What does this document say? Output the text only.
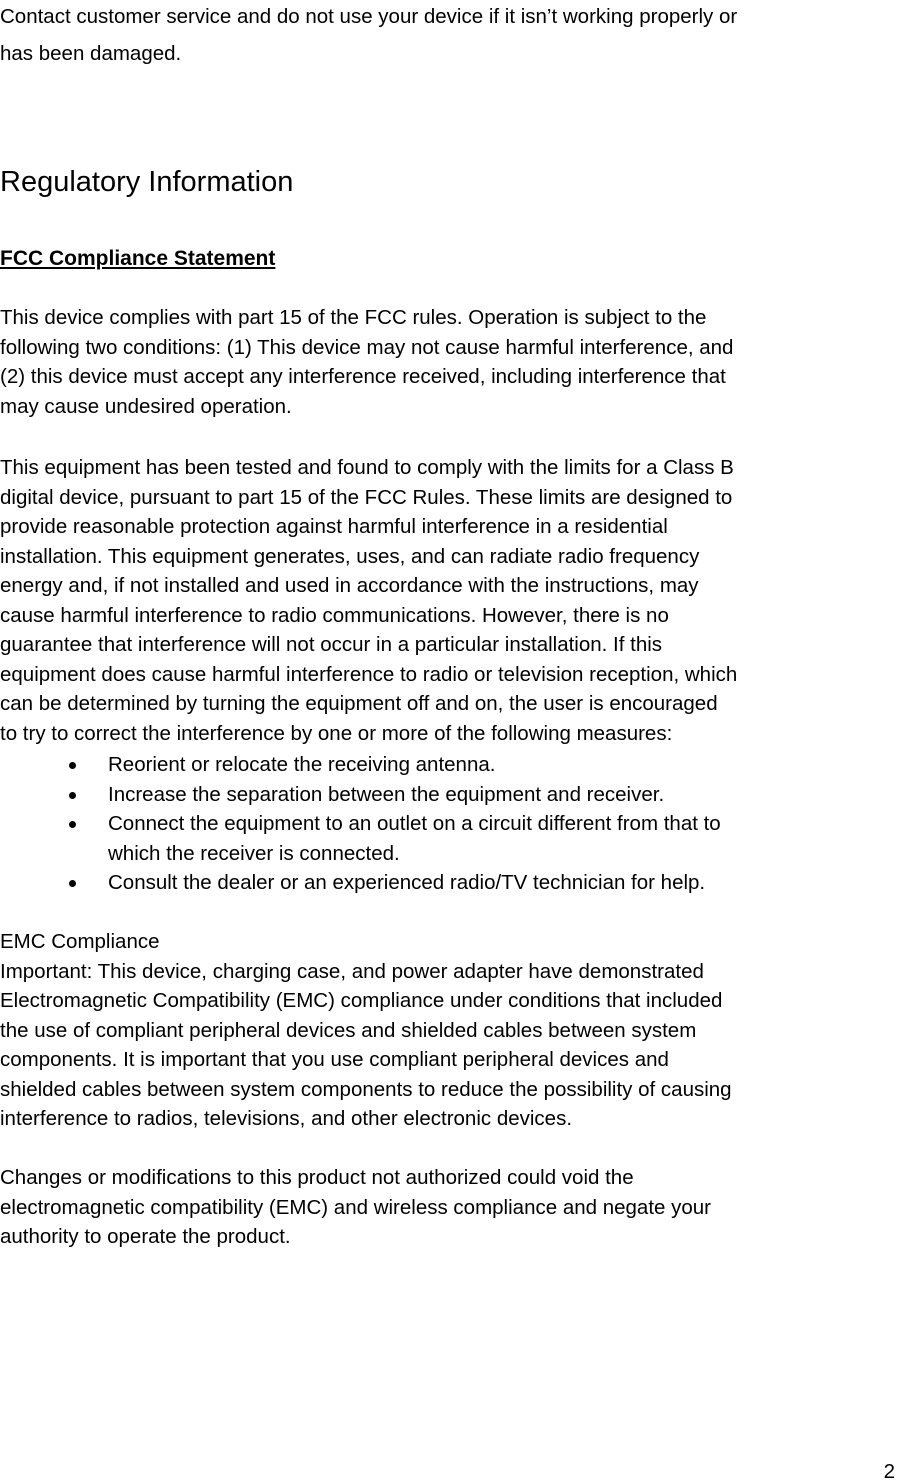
Contact customer service and do not use your device if it isn’t working properly or
has been damaged.

Regulatory Information
FCC Compliance Statement
This device complies with part 15 of the FCC rules. Operation is subject to the
following two conditions: (1) This device may not cause harmful interference, and
(2) this device must accept any interference received, including interference that
may cause undesired operation.
This equipment has been tested and found to comply with the limits for a Class B
digital device, pursuant to part 15 of the FCC Rules. These limits are designed to
provide reasonable protection against harmful interference in a residential
installation. This equipment generates, uses, and can radiate radio frequency
energy and, if not installed and used in accordance with the instructions, may
cause harmful interference to radio communications. However, there is no
guarantee that interference will not occur in a particular installation. If this
equipment does cause harmful interference to radio or television reception, which
can be determined by turning the equipment off and on, the user is encouraged
to try to correct the interference by one or more of the following measures:
Reorient or relocate the receiving antenna.
Increase the separation between the equipment and receiver.
Connect the equipment to an outlet on a circuit different from that to
which the receiver is connected.
Consult the dealer or an experienced radio/TV technician for help.
EMC Compliance
Important: This device, charging case, and power adapter have demonstrated
Electromagnetic Compatibility (EMC) compliance under conditions that included
the use of compliant peripheral devices and shielded cables between system
components. It is important that you use compliant peripheral devices and
shielded cables between system components to reduce the possibility of causing
interference to radios, televisions, and other electronic devices.
Changes or modifications to this product not authorized could void the
electromagnetic compatibility (EMC) and wireless compliance and negate your
authority to operate the product.
2
